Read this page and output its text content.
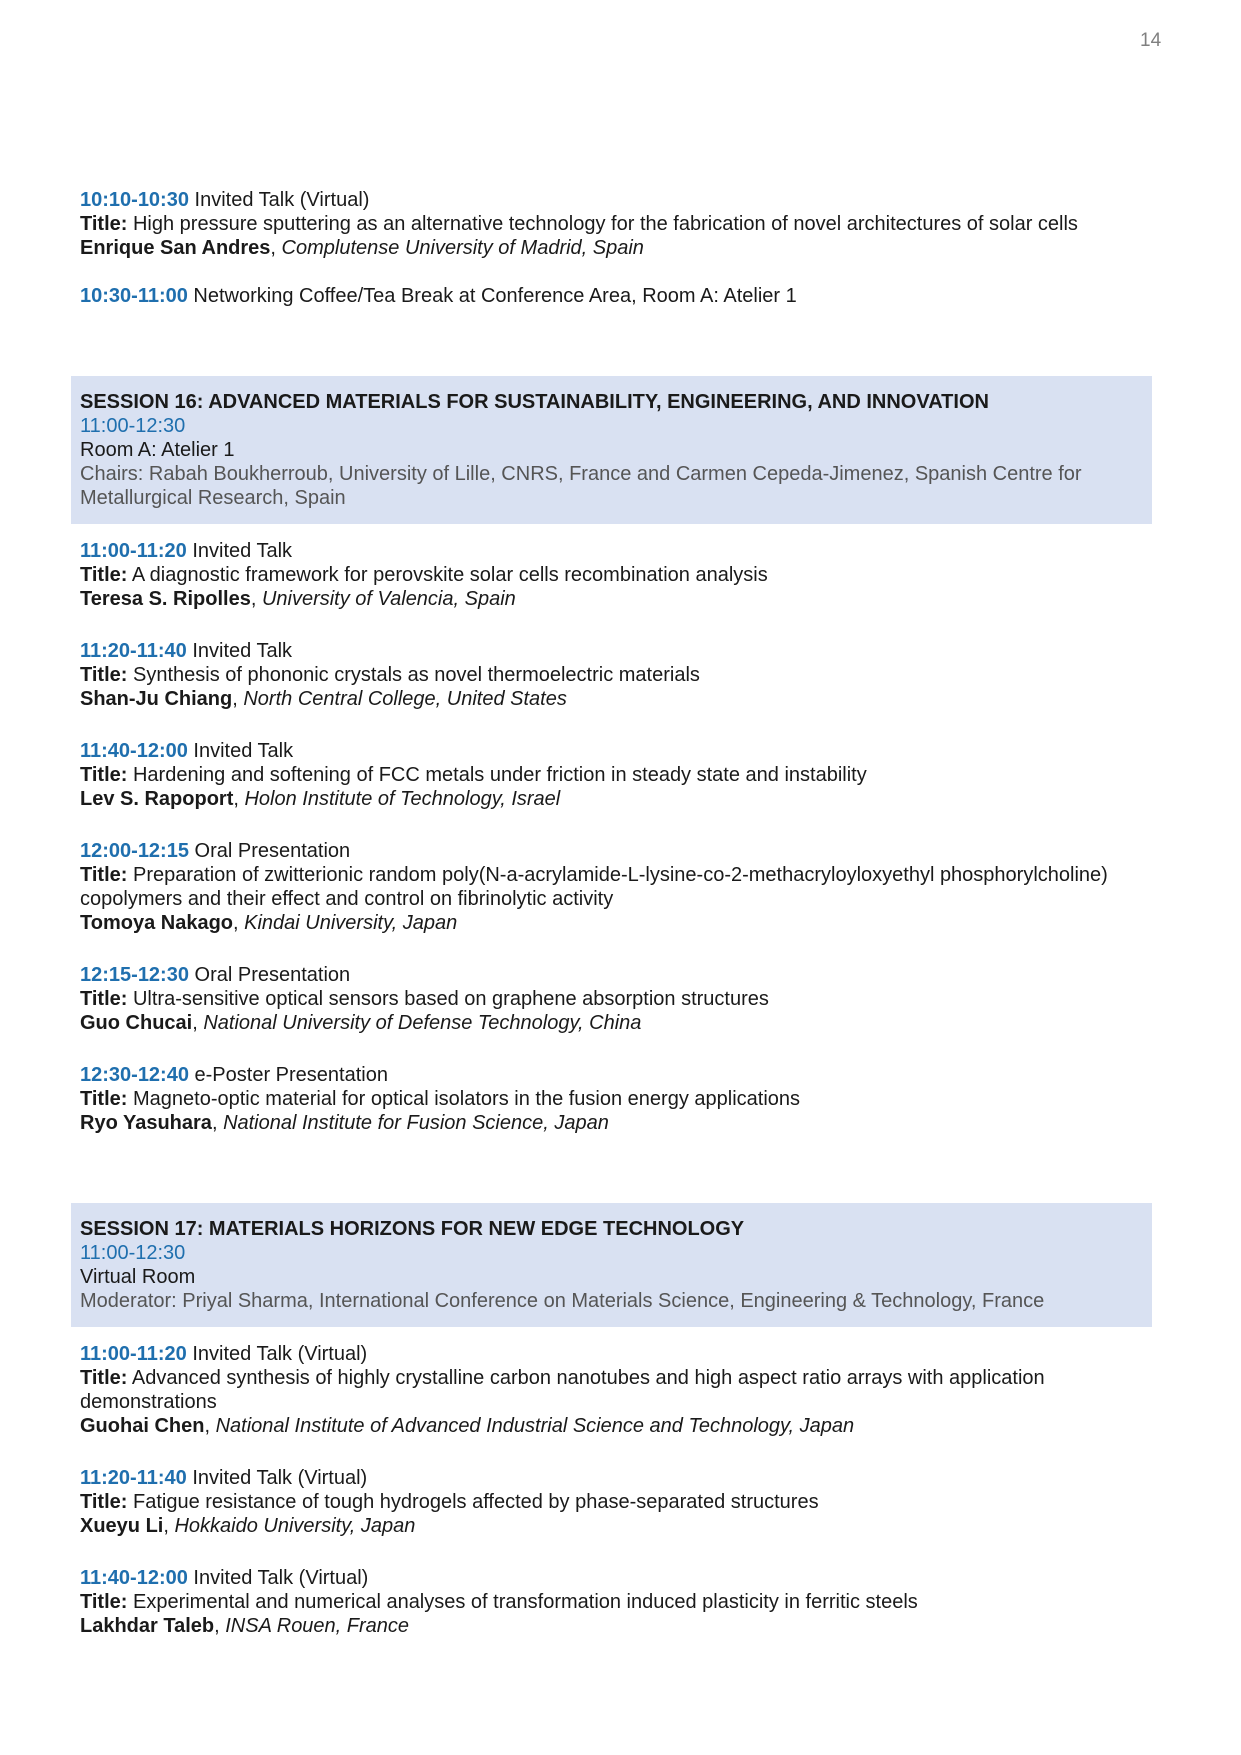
14
10:10-10:30 Invited Talk (Virtual)
Title: High pressure sputtering as an alternative technology for the fabrication of novel architectures of solar cells
Enrique San Andres, Complutense University of Madrid, Spain
10:30-11:00 Networking Coffee/Tea Break at Conference Area, Room A: Atelier 1
SESSION 16: ADVANCED MATERIALS FOR SUSTAINABILITY, ENGINEERING, AND INNOVATION
11:00-12:30
Room A: Atelier 1
Chairs: Rabah Boukherroub, University of Lille, CNRS, France and Carmen Cepeda-Jimenez, Spanish Centre for Metallurgical Research, Spain
11:00-11:20 Invited Talk
Title: A diagnostic framework for perovskite solar cells recombination analysis
Teresa S. Ripolles, University of Valencia, Spain
11:20-11:40 Invited Talk
Title: Synthesis of phononic crystals as novel thermoelectric materials
Shan-Ju Chiang, North Central College, United States
11:40-12:00 Invited Talk
Title: Hardening and softening of FCC metals under friction in steady state and instability
Lev S. Rapoport, Holon Institute of Technology, Israel
12:00-12:15 Oral Presentation
Title: Preparation of zwitterionic random poly(N-a-acrylamide-L-lysine-co-2-methacryloyloxyethyl phosphorylcholine) copolymers and their effect and control on fibrinolytic activity
Tomoya Nakago, Kindai University, Japan
12:15-12:30 Oral Presentation
Title: Ultra-sensitive optical sensors based on graphene absorption structures
Guo Chucai, National University of Defense Technology, China
12:30-12:40 e-Poster Presentation
Title: Magneto-optic material for optical isolators in the fusion energy applications
Ryo Yasuhara, National Institute for Fusion Science, Japan
SESSION 17: MATERIALS HORIZONS FOR NEW EDGE TECHNOLOGY
11:00-12:30
Virtual Room
Moderator: Priyal Sharma, International Conference on Materials Science, Engineering & Technology, France
11:00-11:20 Invited Talk (Virtual)
Title: Advanced synthesis of highly crystalline carbon nanotubes and high aspect ratio arrays with application demonstrations
Guohai Chen, National Institute of Advanced Industrial Science and Technology, Japan
11:20-11:40 Invited Talk (Virtual)
Title: Fatigue resistance of tough hydrogels affected by phase-separated structures
Xueyu Li, Hokkaido University, Japan
11:40-12:00 Invited Talk (Virtual)
Title: Experimental and numerical analyses of transformation induced plasticity in ferritic steels
Lakhdar Taleb, INSA Rouen, France
